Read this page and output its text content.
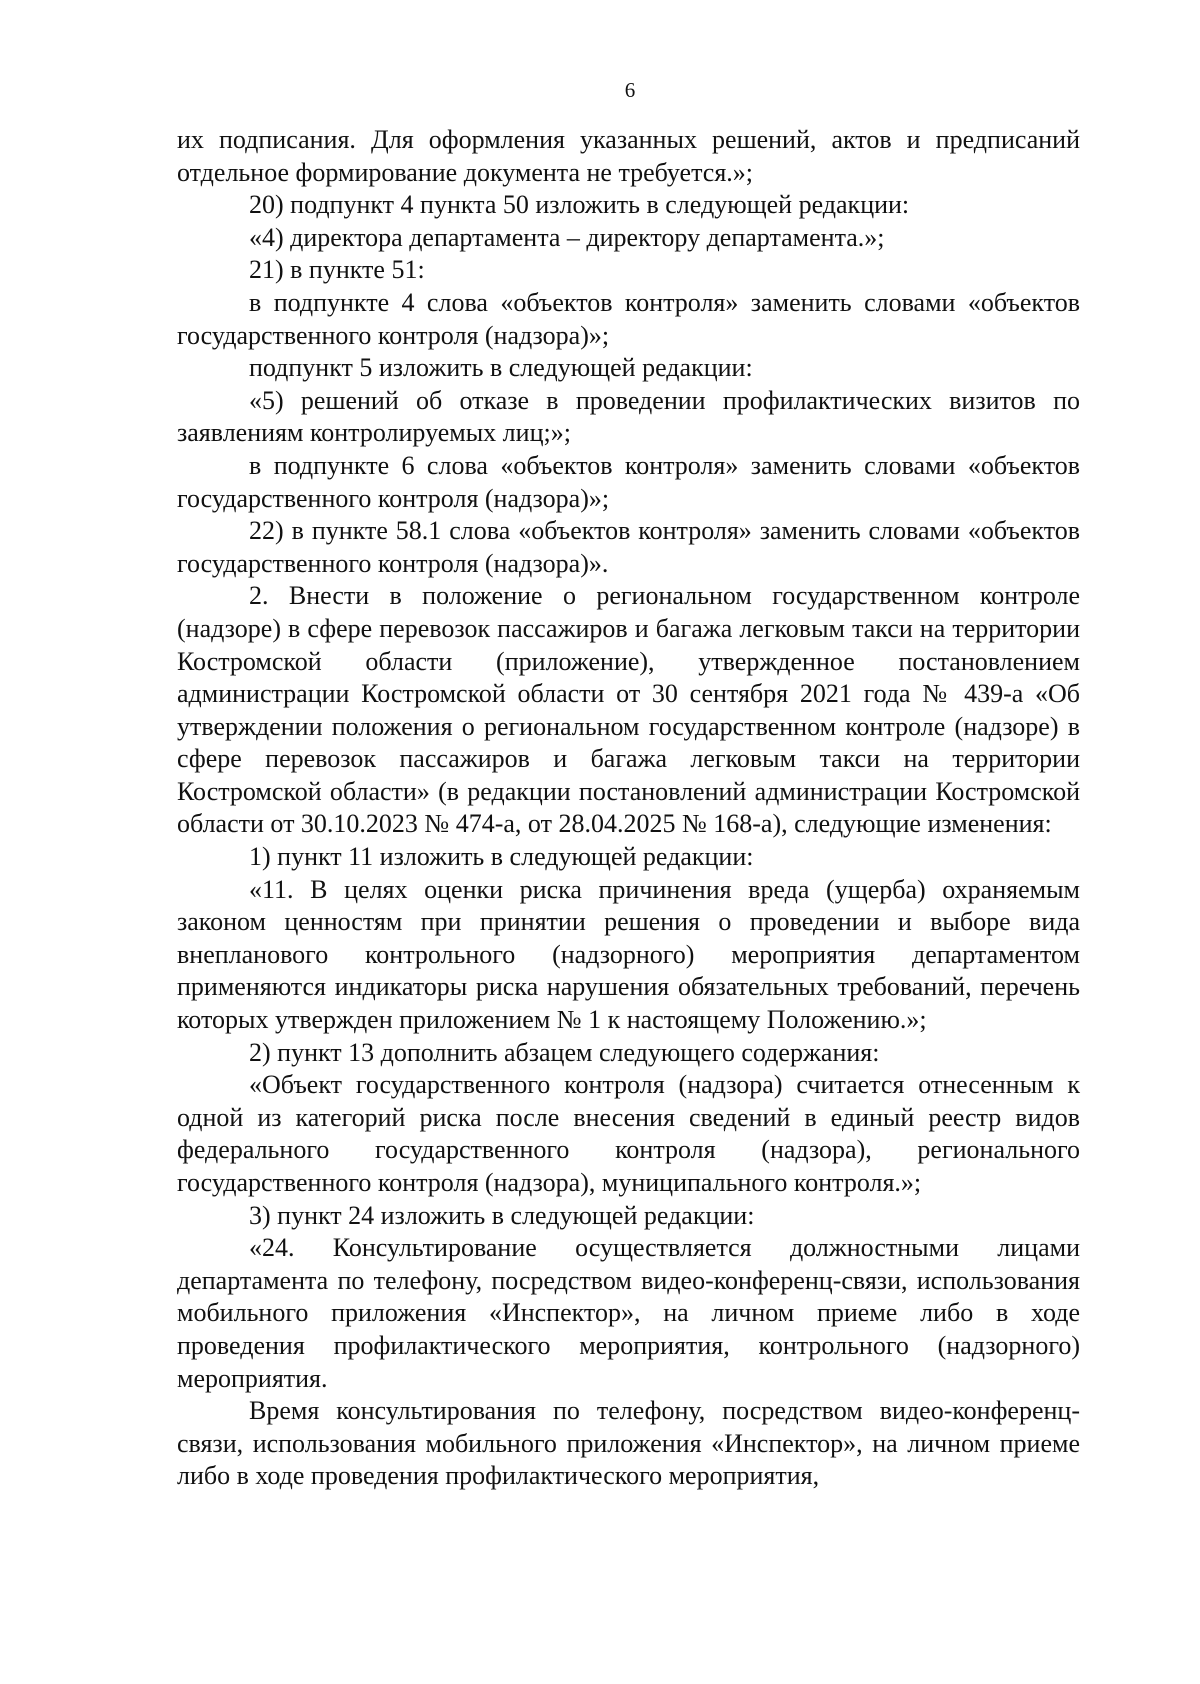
6

их подписания. Для оформления указанных решений, актов и предписаний отдельное формирование документа не требуется.»;

20) подпункт 4 пункта 50 изложить в следующей редакции:

«4) директора департамента – директору департамента.»;

21) в пункте 51:

в подпункте 4 слова «объектов контроля» заменить словами «объектов государственного контроля (надзора)»;

подпункт 5 изложить в следующей редакции:

«5) решений об отказе в проведении профилактических визитов по заявлениям контролируемых лиц;»;

в подпункте 6 слова «объектов контроля» заменить словами «объектов государственного контроля (надзора)»;

22) в пункте 58.1 слова «объектов контроля» заменить словами «объектов государственного контроля (надзора)».

2. Внести в положение о региональном государственном контроле (надзоре) в сфере перевозок пассажиров и багажа легковым такси на территории Костромской области (приложение), утвержденное постановлением администрации Костромской области от 30 сентября 2021 года № 439-а «Об утверждении положения о региональном государственном контроле (надзоре) в сфере перевозок пассажиров и багажа легковым такси на территории Костромской области» (в редакции постановлений администрации Костромской области от 30.10.2023 № 474-а, от 28.04.2025 № 168-а), следующие изменения:

1) пункт 11 изложить в следующей редакции:

«11. В целях оценки риска причинения вреда (ущерба) охраняемым законом ценностям при принятии решения о проведении и выборе вида внепланового контрольного (надзорного) мероприятия департаментом применяются индикаторы риска нарушения обязательных требований, перечень которых утвержден приложением № 1 к настоящему Положению.»;

2) пункт 13 дополнить абзацем следующего содержания:

«Объект государственного контроля (надзора) считается отнесенным к одной из категорий риска после внесения сведений в единый реестр видов федерального государственного контроля (надзора), регионального государственного контроля (надзора), муниципального контроля.»;

3) пункт 24 изложить в следующей редакции:

«24. Консультирование осуществляется должностными лицами департамента по телефону, посредством видео-конференц-связи, использования мобильного приложения «Инспектор», на личном приеме либо в ходе проведения профилактического мероприятия, контрольного (надзорного) мероприятия.

Время консультирования по телефону, посредством видео-конференц-связи, использования мобильного приложения «Инспектор», на личном приеме либо в ходе проведения профилактического мероприятия,
